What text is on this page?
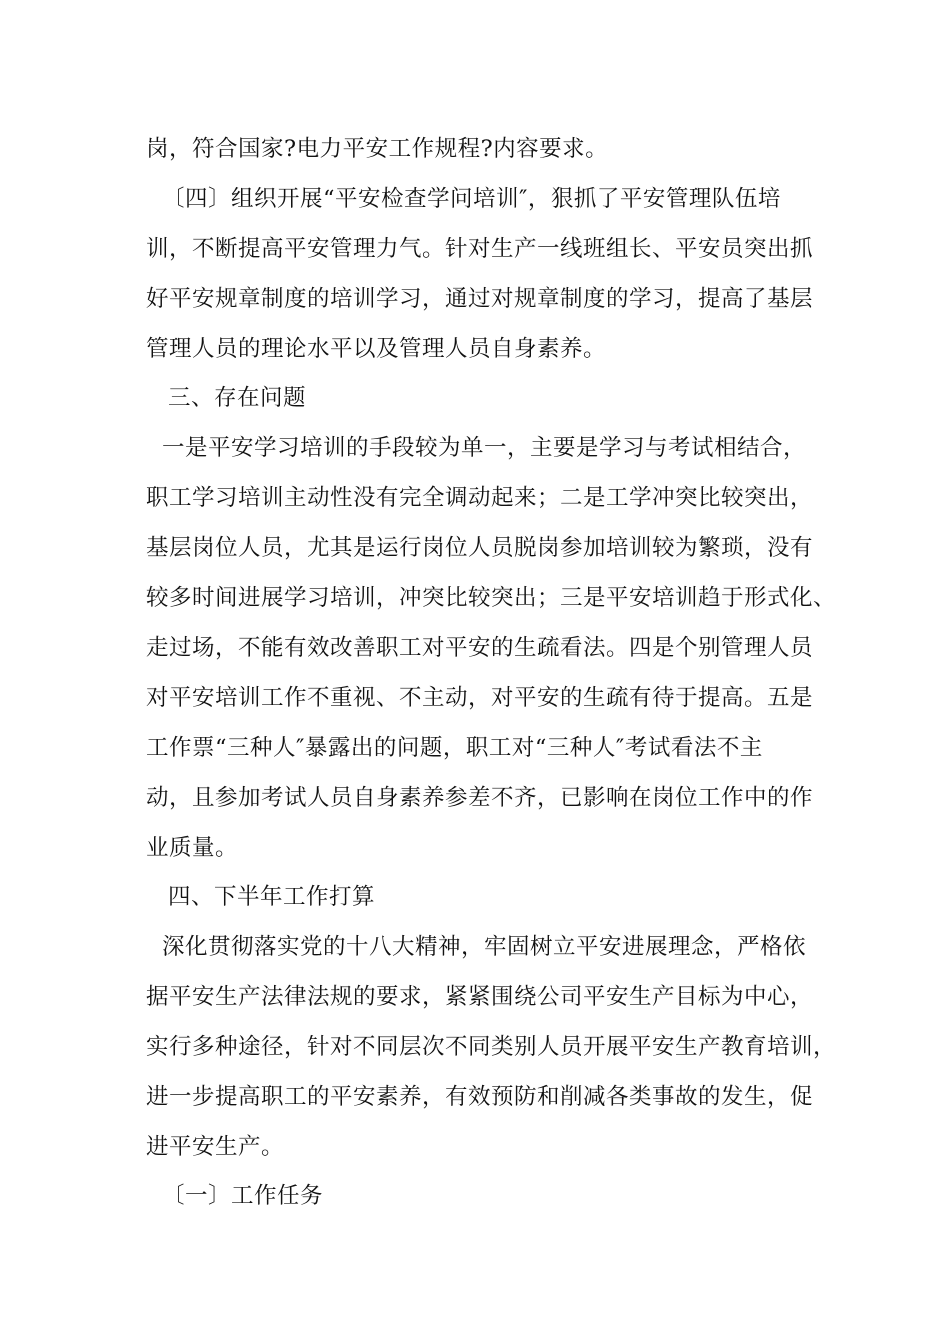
岗，符合国家?电力平安工作规程?内容要求。
〔四〕组织开展“平安检查学问培训″，狠抓了平安管理队伍培
训，不断提高平安管理力气。针对生产一线班组长、平安员突出抓
好平安规章制度的培训学习，通过对规章制度的学习，提高了基层
管理人员的理论水平以及管理人员自身素养。
三、存在问题
一是平安学习培训的手段较为单一，主要是学习与考试相结合，
职工学习培训主动性没有完全调动起来；二是工学冲突比较突出，
基层岗位人员，尤其是运行岗位人员脱岗参加培训较为繁琐，没有
较多时间进展学习培训，冲突比较突出；三是平安培训趋于形式化、
走过场，不能有效改善职工对平安的生疏看法。四是个别管理人员
对平安培训工作不重视、不主动，对平安的生疏有待于提高。五是
工作票“三种人″暴露出的问题，职工对“三种人″考试看法不主
动，且参加考试人员自身素养参差不齐，已影响在岗位工作中的作
业质量。
四、下半年工作打算
深化贯彻落实党的十八大精神，牢固树立平安进展理念，严格依
据平安生产法律法规的要求，紧紧围绕公司平安生产目标为中心，
实行多种途径，针对不同层次不同类别人员开展平安生产教育培训，
进一步提高职工的平安素养，有效预防和削减各类事故的发生，促
进平安生产。
〔一〕工作任务
